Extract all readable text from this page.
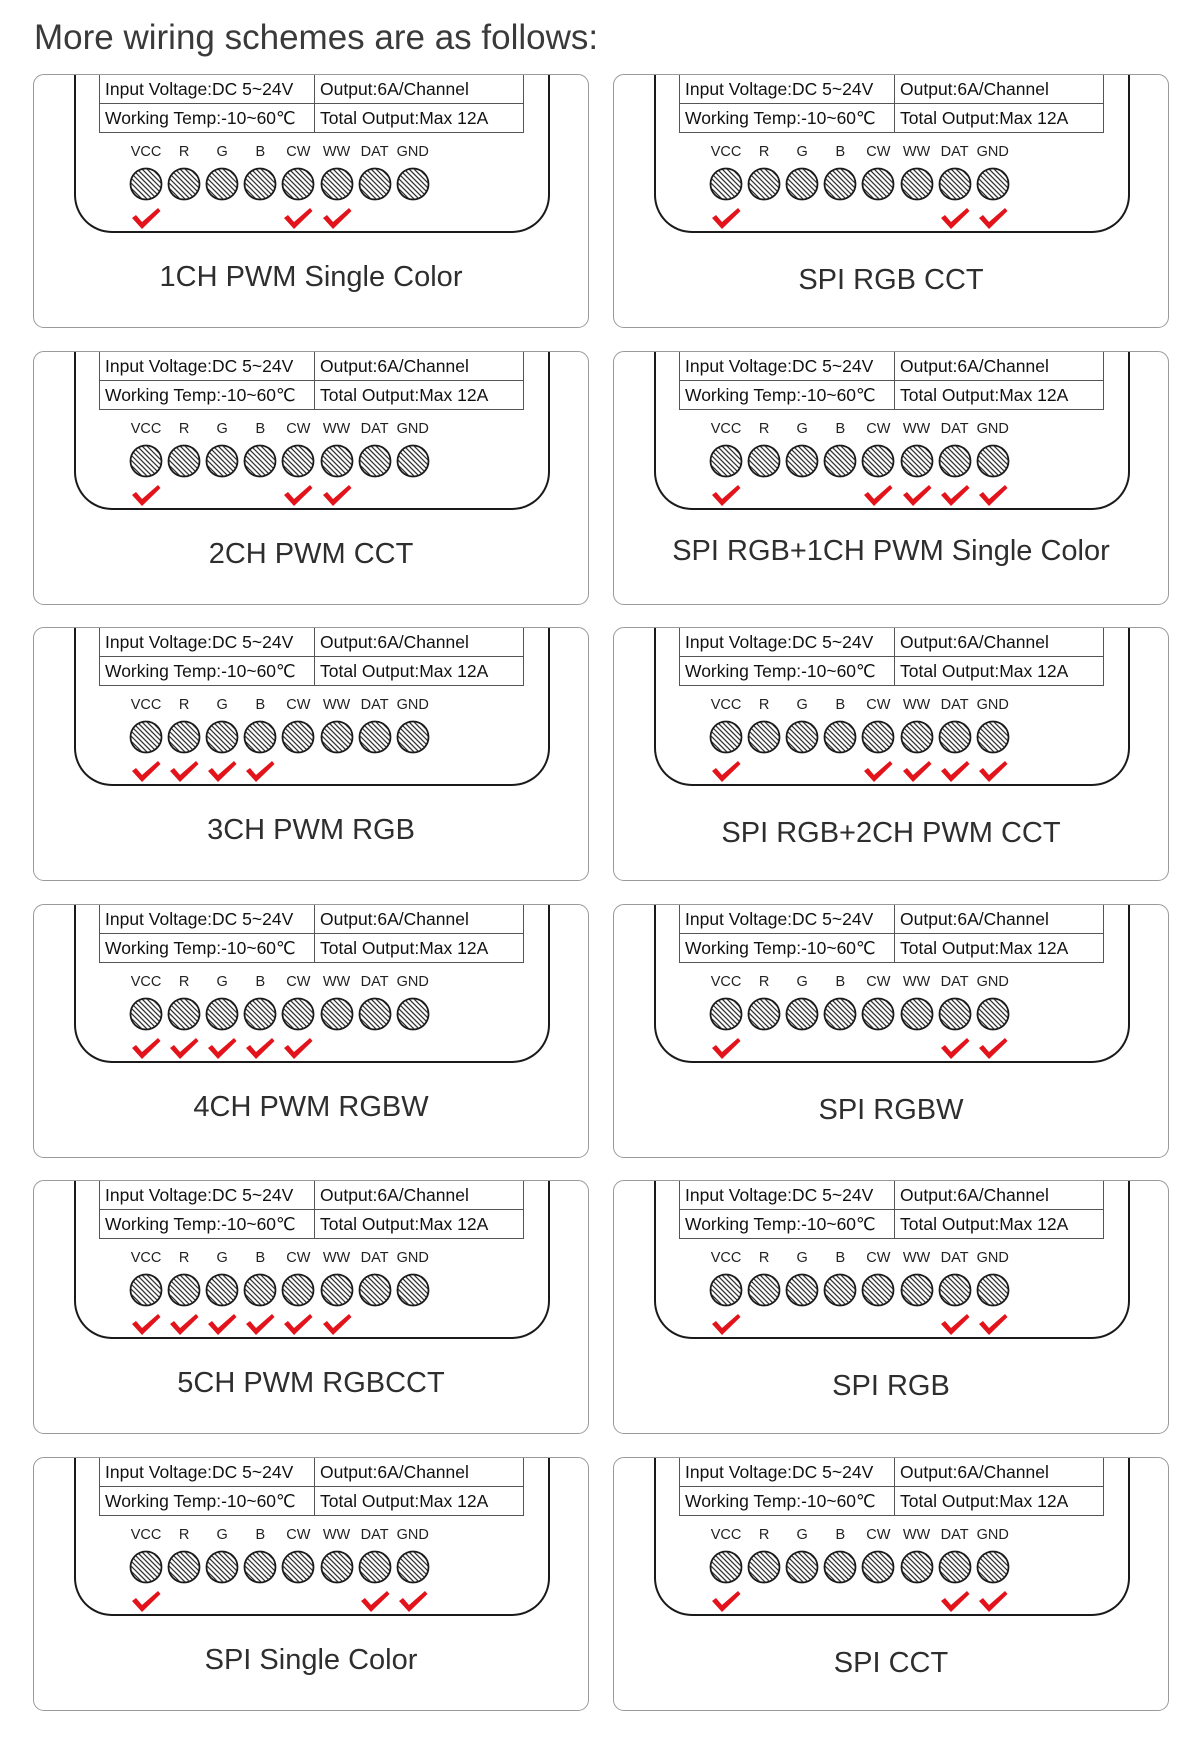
More wiring schemes are as follows:
Input Voltage:DC 5~24V	Output:6A/Channel
Working Temp:-10~60℃	Total Output:Max 12A
VCC	R	G	B	CW WW DAT GND
1CH PWM Single Color
Input Voltage:DC 5~24V	Output:6A/Channel
Working Temp:-10~60℃	Total Output:Max 12A
VCC	R	G	B	CW WW DAT GND
SPI RGB CCT
Input Voltage:DC 5~24V	Output:6A/Channel
Working Temp:-10~60℃	Total Output:Max 12A
VCC	R	G	B	CW WW DAT GND
2CH PWM CCT
Input Voltage:DC 5~24V	Output:6A/Channel
Working Temp:-10~60℃	Total Output:Max 12A
VCC	R	G	B	CW WW DAT GND
SPI RGB+1CH PWM Single Color
Input Voltage:DC 5~24V	Output:6A/Channel
Working Temp:-10~60℃	Total Output:Max 12A
VCC	R	G	B	CW WW DAT GND
3CH PWM RGB
Input Voltage:DC 5~24V	Output:6A/Channel
Working Temp:-10~60℃	Total Output:Max 12A
VCC	R	G	B	CW WW DAT GND
SPI RGB+2CH PWM CCT
Input Voltage:DC 5~24V	Output:6A/Channel
Working Temp:-10~60℃	Total Output:Max 12A
VCC	R	G	B	CW WW DAT GND
4CH PWM RGBW
Input Voltage:DC 5~24V	Output:6A/Channel
Working Temp:-10~60℃	Total Output:Max 12A
VCC	R	G	B	CW WW DAT GND
SPI RGBW
Input Voltage:DC 5~24V	Output:6A/Channel
Working Temp:-10~60℃	Total Output:Max 12A
VCC	R	G	B	CW WW DAT GND
5CH PWM RGBCCT
Input Voltage:DC 5~24V	Output:6A/Channel
Working Temp:-10~60℃	Total Output:Max 12A
VCC	R	G	B	CW WW DAT GND
SPI RGB
Input Voltage:DC 5~24V	Output:6A/Channel
Working Temp:-10~60℃	Total Output:Max 12A
VCC	R	G	B	CW WW DAT GND
SPI Single Color
Input Voltage:DC 5~24V	Output:6A/Channel
Working Temp:-10~60℃	Total Output:Max 12A
VCC	R	G	B	CW WW DAT GND
SPI CCT
